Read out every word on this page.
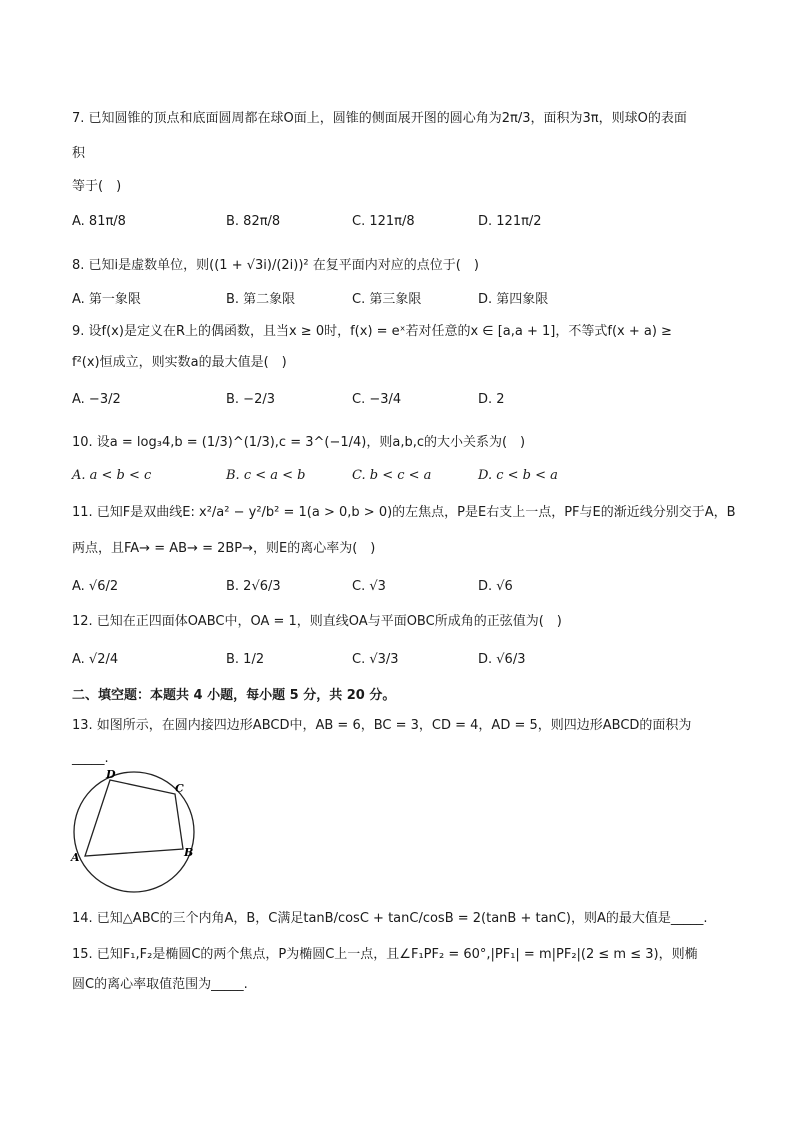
7. 已知圆锥的顶点和底面圆周都在球O面上，圆锥的侧面展开图的圆心角为2π/3，面积为3π，则球O的表面
积
等于(　)
A. 81π/8	B. 82π/8	C. 121π/8	D. 121π/2
8. 已知i是虚数单位，则((1 + √3i)/(2i))² 在复平面内对应的点位于(　)
A. 第一象限	B. 第二象限	C. 第三象限	D. 第四象限
9. 设f(x)是定义在R上的偶函数，且当x ≥ 0时，f(x) = eˣ若对任意的x ∈ [a,a + 1]，不等式f(x + a) ≥
f²(x)恒成立，则实数a的最大值是(　)
A. −3/2	B. −2/3	C. −3/4	D. 2
10. 设a = log₃4,b = (1/3)^(1/3),c = 3^(−1/4)，则a,b,c的大小关系为(　)
A. a < b < c	B. c < a < b	C. b < c < a	D. c < b < a
11. 已知F是双曲线E: x²/a² − y²/b² = 1(a > 0,b > 0)的左焦点，P是E右支上一点，PF与E的渐近线分别交于A，B
两点，且FA→ = AB→ = 2BP→，则E的离心率为(　)
A. √6/2	B. 2√6/3	C. √3	D. √6
12. 已知在正四面体OABC中，OA = 1，则直线OA与平面OBC所成角的正弦值为(　)
A. √2/4	B. 1/2	C. √3/3	D. √6/3
二、填空题：本题共 4 小题，每小题 5 分，共 20 分。
13. 如图所示，在圆内接四边形ABCD中，AB = 6，BC = 3，CD = 4，AD = 5，则四边形ABCD的面积为
_____.
D
C
A	B
14. 已知△ABC的三个内角A，B，C满足tanB/cosC + tanC/cosB = 2(tanB + tanC)，则A的最大值是_____.
15. 已知F₁,F₂是椭圆C的两个焦点，P为椭圆C上一点，且∠F₁PF₂ = 60°,|PF₁| = m|PF₂|(2 ≤ m ≤ 3)，则椭
圆C的离心率取值范围为_____.
